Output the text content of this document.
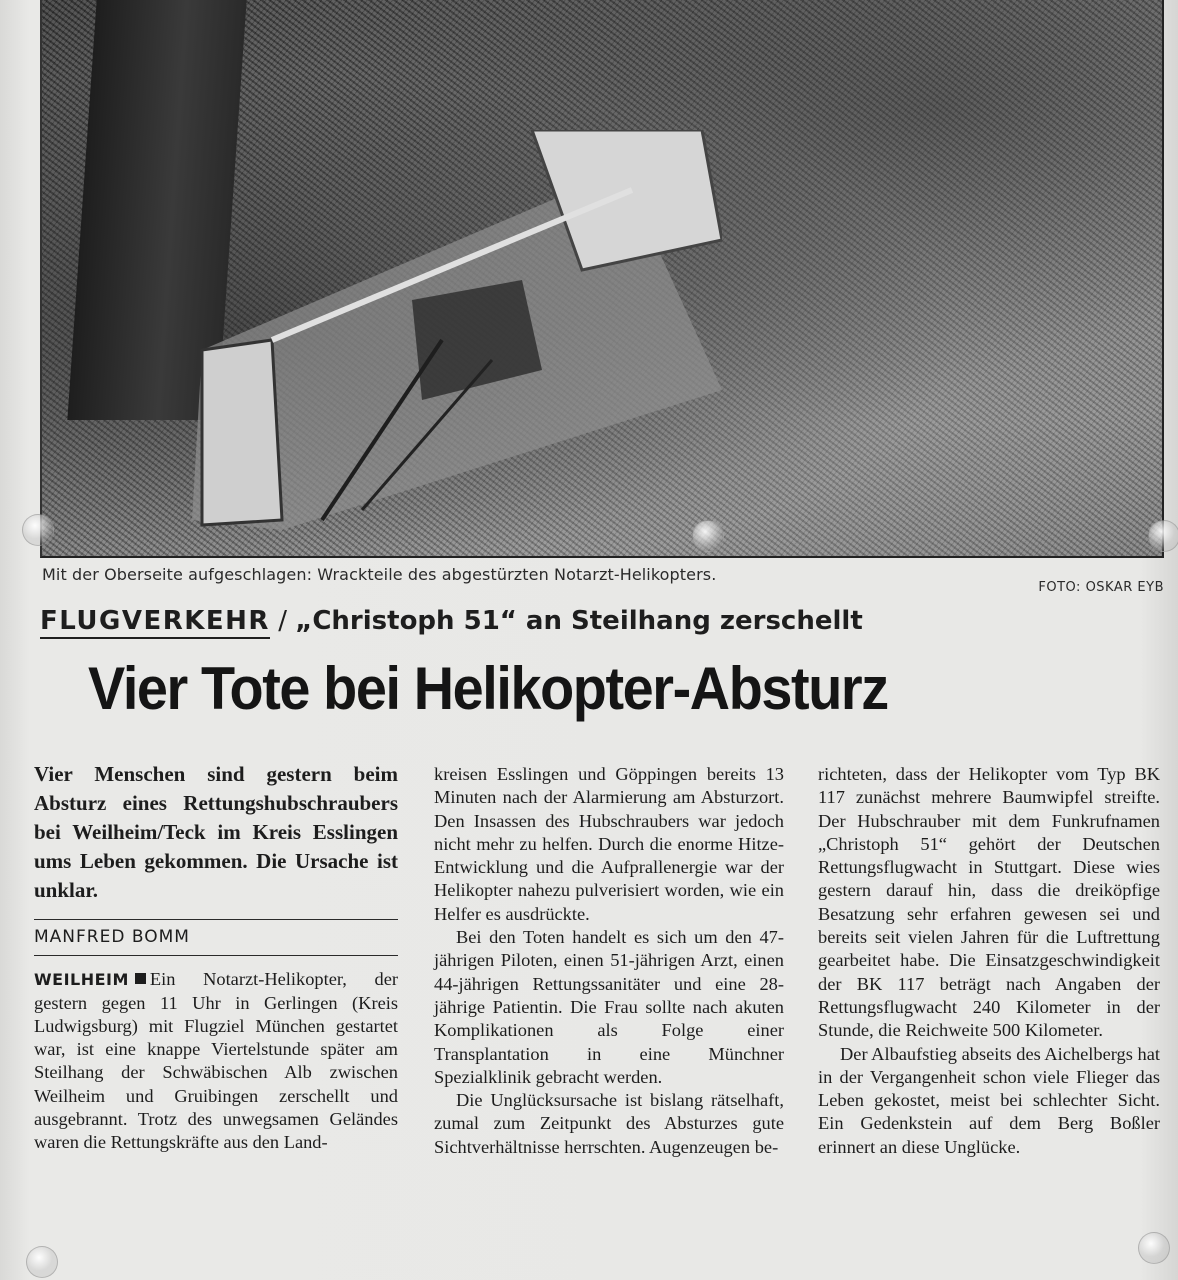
Mit der Oberseite aufgeschlagen: Wrackteile des abgestürzten Notarzt-Helikopters.
FOTO: OSKAR EYB
FLUGVERKEHR / „Christoph 51“ an Steilhang zerschellt
Vier Tote bei Helikopter-Absturz

Vier Menschen sind gestern beim Absturz eines Rettungshubschraubers bei Weilheim/Teck im Kreis Esslingen ums Leben gekommen. Die Ursache ist unklar.

MANFRED BOMM

WEILHEIM Ein Notarzt-Helikopter, der gestern gegen 11 Uhr in Gerlingen (Kreis Ludwigsburg) mit Flugziel München gestartet war, ist eine knappe Viertelstunde später am Steilhang der Schwäbischen Alb zwischen Weilheim und Gruibingen zerschellt und ausgebrannt. Trotz des unwegsamen Geländes waren die Rettungskräfte aus den Land-

kreisen Esslingen und Göppingen bereits 13 Minuten nach der Alarmierung am Absturzort. Den Insassen des Hubschraubers war jedoch nicht mehr zu helfen. Durch die enorme Hitze-Entwicklung und die Aufprallenergie war der Helikopter nahezu pulverisiert worden, wie ein Helfer es ausdrückte.

Bei den Toten handelt es sich um den 47-jährigen Piloten, einen 51-jährigen Arzt, einen 44-jährigen Rettungssanitäter und eine 28-jährige Patientin. Die Frau sollte nach akuten Komplikationen als Folge einer Transplantation in eine Münchner Spezialklinik gebracht werden.

Die Unglücksursache ist bislang rätselhaft, zumal zum Zeitpunkt des Absturzes gute Sichtverhältnisse herrschten. Augenzeugen be-

richteten, dass der Helikopter vom Typ BK 117 zunächst mehrere Baumwipfel streifte. Der Hubschrauber mit dem Funkrufnamen „Christoph 51“ gehört der Deutschen Rettungsflugwacht in Stuttgart. Diese wies gestern darauf hin, dass die dreiköpfige Besatzung sehr erfahren gewesen sei und bereits seit vielen Jahren für die Luftrettung gearbeitet habe. Die Einsatzgeschwindigkeit der BK 117 beträgt nach Angaben der Rettungsflugwacht 240 Kilometer in der Stunde, die Reichweite 500 Kilometer.

Der Albaufstieg abseits des Aichelbergs hat in der Vergangenheit schon viele Flieger das Leben gekostet, meist bei schlechter Sicht. Ein Gedenkstein auf dem Berg Boßler erinnert an diese Unglücke.
